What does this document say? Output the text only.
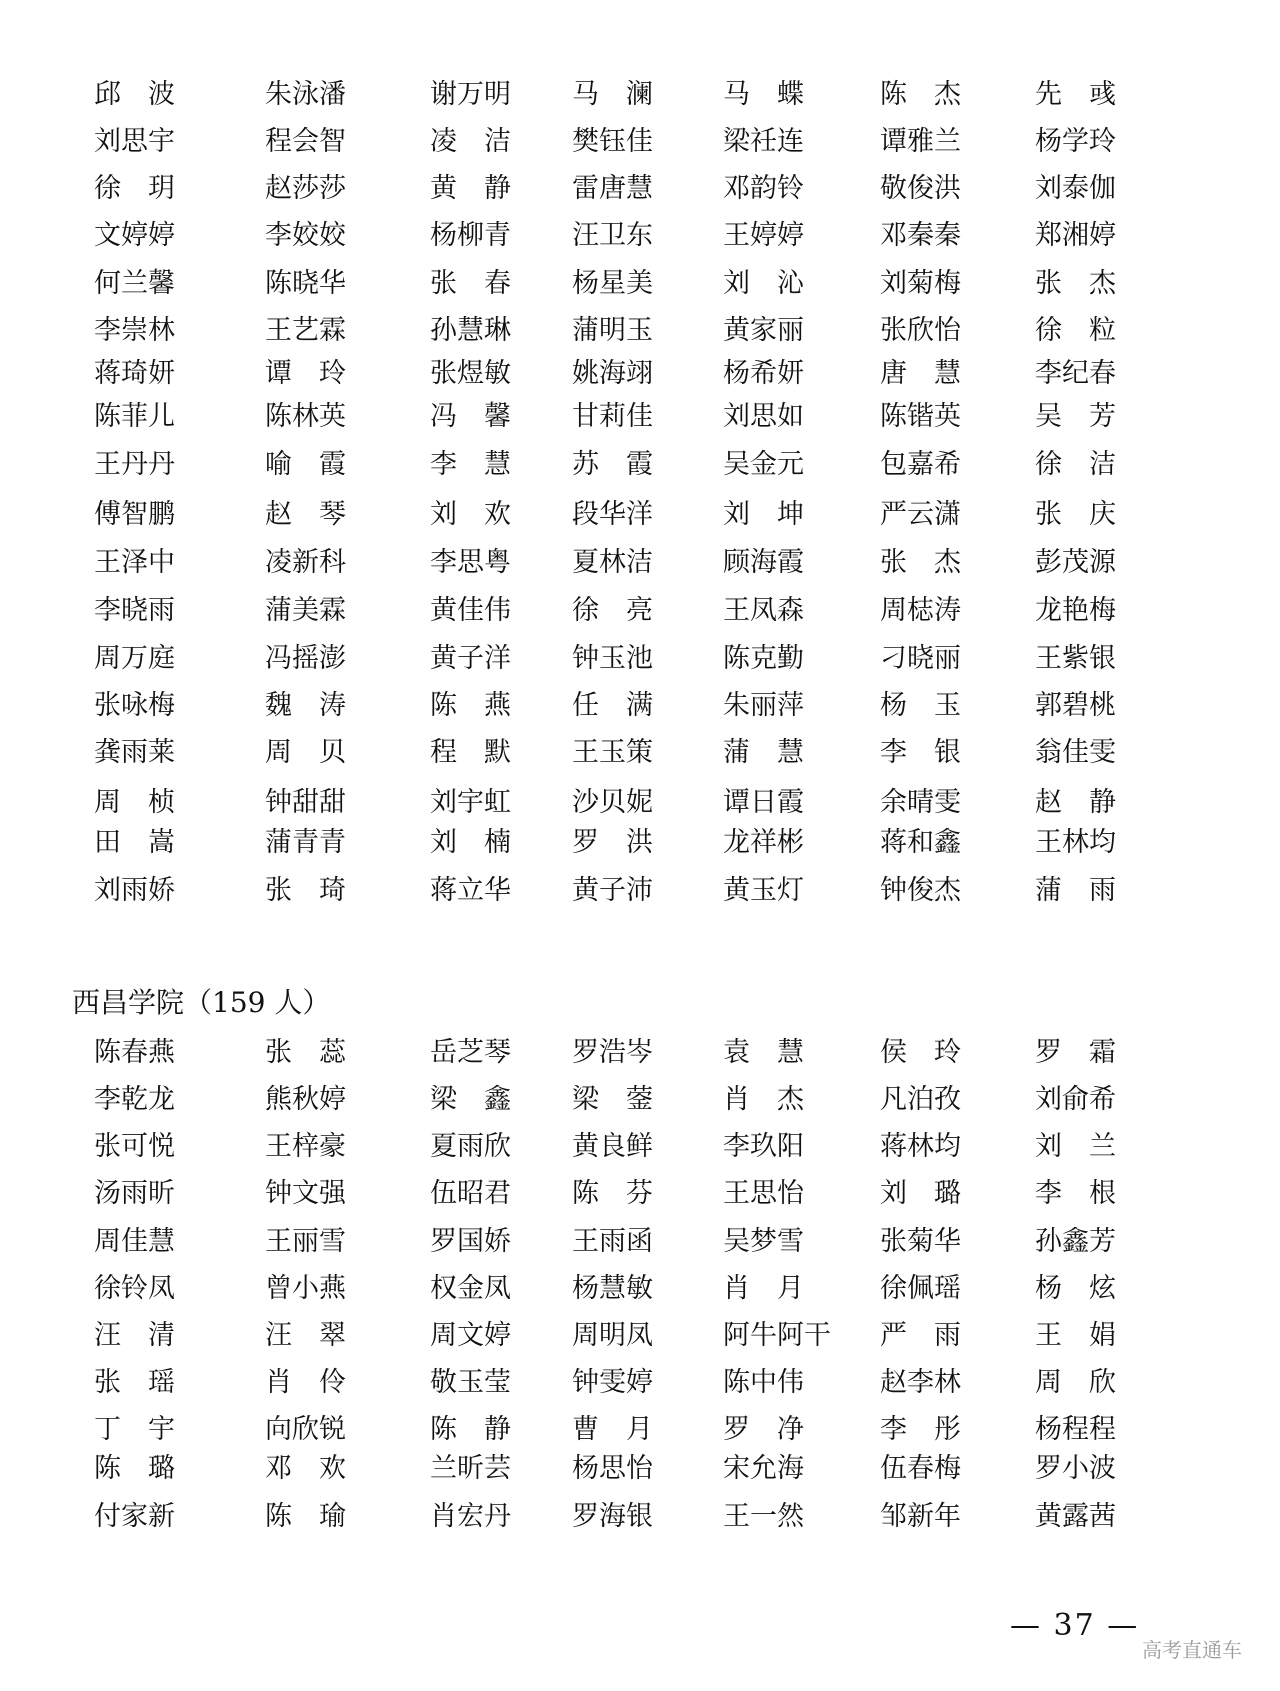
邱波	朱泳潘	谢万明	马澜	马蝶	陈杰	先彧
刘思宇	程会智	凌洁	樊钰佳	梁祍连	谭雅兰	杨学玲
徐玥	赵莎莎	黄静	雷唐慧	邓韵铃	敬俊洪	刘泰伽
文婷婷	李姣姣	杨柳青	汪卫东	王婷婷	邓秦秦	郑湘婷
何兰馨	陈晓华	张春	杨星美	刘沁	刘菊梅	张杰
李崇林	王艺霖	孙慧琳	蒲明玉	黄家丽	张欣怡	徐粒
蒋琦妍	谭玲	张煜敏	姚海翊	杨希妍	唐慧	李纪春
陈菲儿	陈林英	冯馨	甘莉佳	刘思如	陈锴英	吴芳
王丹丹	喻霞	李慧	苏霞	吴金元	包嘉希	徐洁
傅智鹏	赵琴	刘欢	段华洋	刘坤	严云潇	张庆
王泽中	凌新科	李思粤	夏林洁	顾海霞	张杰	彭茂源
李晓雨	蒲美霖	黄佳伟	徐亮	王凤森	周梽涛	龙艳梅
周万庭	冯摇澎	黄子洋	钟玉池	陈克勤	刁晓丽	王紫银
张咏梅	魏涛	陈燕	任满	朱丽萍	杨玉	郭碧桃
龚雨莱	周贝	程默	王玉策	蒲慧	李银	翁佳雯
周桢	钟甜甜	刘宇虹	沙贝妮	谭日霞	余晴雯	赵静
田嵩	蒲青青	刘楠	罗洪	龙祥彬	蒋和鑫	王林均
刘雨娇	张琦	蒋立华	黄子沛	黄玉灯	钟俊杰	蒲雨
西昌学院（159 人）
陈春燕	张蕊	岳芝琴	罗浩岑	袁慧	侯玲	罗霜
李乾龙	熊秋婷	梁鑫	梁蓥	肖杰	凡泊孜	刘俞希
张可悦	王梓豪	夏雨欣	黄良鲜	李玖阳	蒋林均	刘兰
汤雨昕	钟文强	伍昭君	陈芬	王思怡	刘璐	李根
周佳慧	王丽雪	罗国娇	王雨函	吴梦雪	张菊华	孙鑫芳
徐铃凤	曾小燕	权金凤	杨慧敏	肖月	徐佩瑶	杨炫
汪清	汪翠	周文婷	周明凤	阿牛阿干	严雨	王娟
张瑶	肖伶	敬玉莹	钟雯婷	陈中伟	赵李林	周欣
丁宇	向欣锐	陈静	曹月	罗净	李彤	杨程程
陈璐	邓欢	兰昕芸	杨思怡	宋允海	伍春梅	罗小波
付家新	陈瑜	肖宏丹	罗海银	王一然	邹新年	黄露茜
— 37 —
高考直通车
